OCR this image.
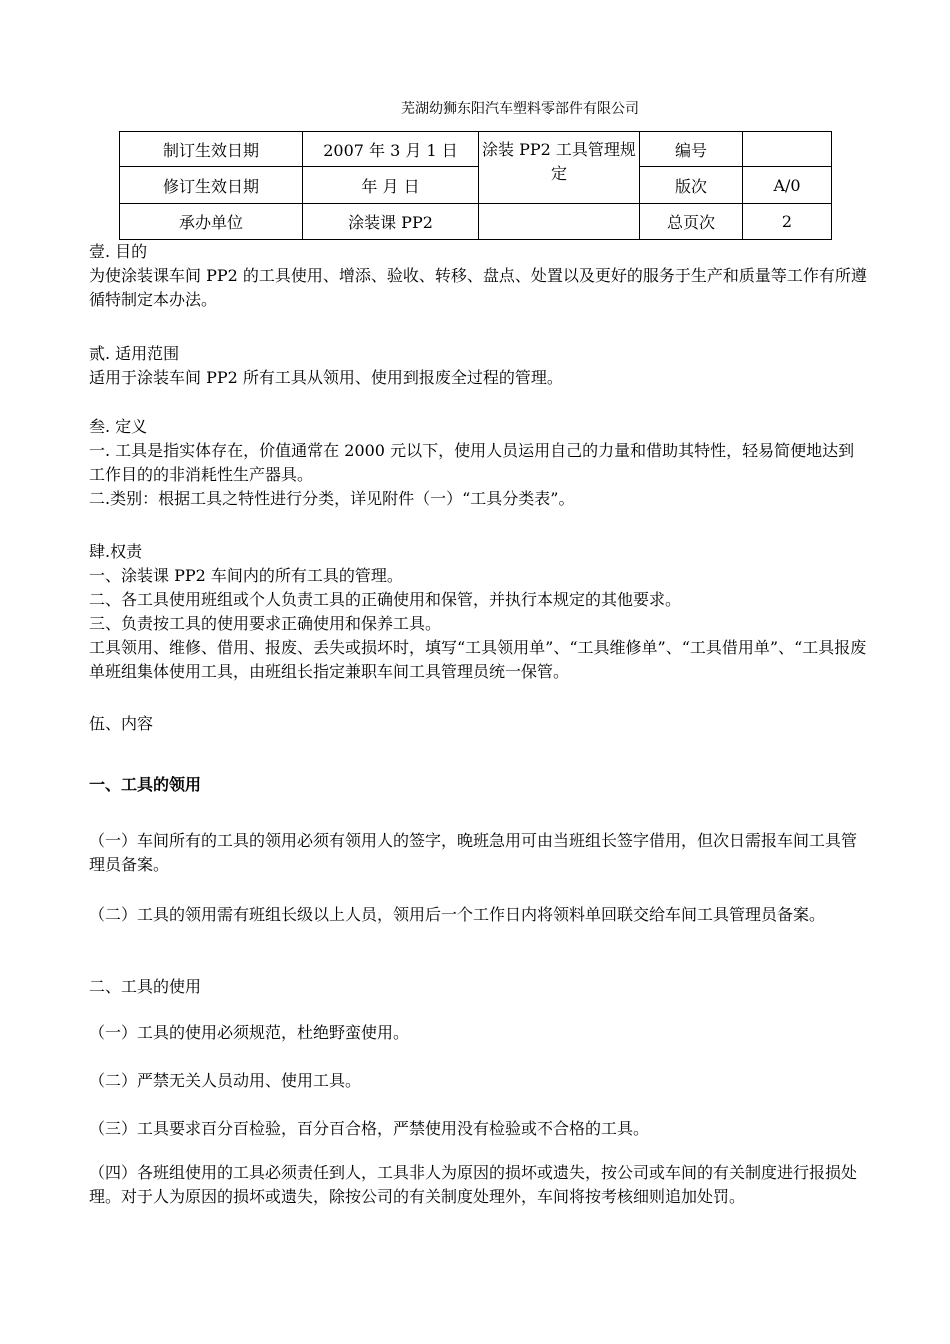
芜湖幼狮东阳汽车塑料零部件有限公司
制订生效日期	2007 年 3 月 1 日	涂装 PP2 工具管理规定	编号	
修订生效日期	年 月 日		版次	A/0
承办单位	涂装课 PP2		总页次	2

壹. 目的

为使涂装课车间 PP2 的工具使用、增添、验收、转移、盘点、处置以及更好的服务于生产和质量等工作有所遵循特制定本办法。

贰. 适用范围

适用于涂装车间 PP2 所有工具从领用、使用到报废全过程的管理。

叁. 定义

一. 工具是指实体存在，价值通常在 2000 元以下，使用人员运用自己的力量和借助其特性，轻易简便地达到工作目的的非消耗性生产器具。

二.类别：根据工具之特性进行分类，详见附件（一）“工具分类表”。

肆.权责

一、涂装课 PP2 车间内的所有工具的管理。

二、各工具使用班组或个人负责工具的正确使用和保管，并执行本规定的其他要求。

三、负责按工具的使用要求正确使用和保养工具。

工具领用、维修、借用、报废、丢失或损坏时，填写“工具领用单”、“工具维修单”、“工具借用单”、“工具报废单班组集体使用工具，由班组长指定兼职车间工具管理员统一保管。

伍、内容

一、工具的领用
（一）车间所有的工具的领用必须有领用人的签字，晚班急用可由当班组长签字借用，但次日需报车间工具管理员备案。
（二）工具的领用需有班组长级以上人员，领用后一个工作日内将领料单回联交给车间工具管理员备案。
二、工具的使用
（一）工具的使用必须规范，杜绝野蛮使用。
（二）严禁无关人员动用、使用工具。
（三）工具要求百分百检验，百分百合格，严禁使用没有检验或不合格的工具。
（四）各班组使用的工具必须责任到人，工具非人为原因的损坏或遗失，按公司或车间的有关制度进行报损处理。对于人为原因的损坏或遗失，除按公司的有关制度处理外，车间将按考核细则追加处罚。
